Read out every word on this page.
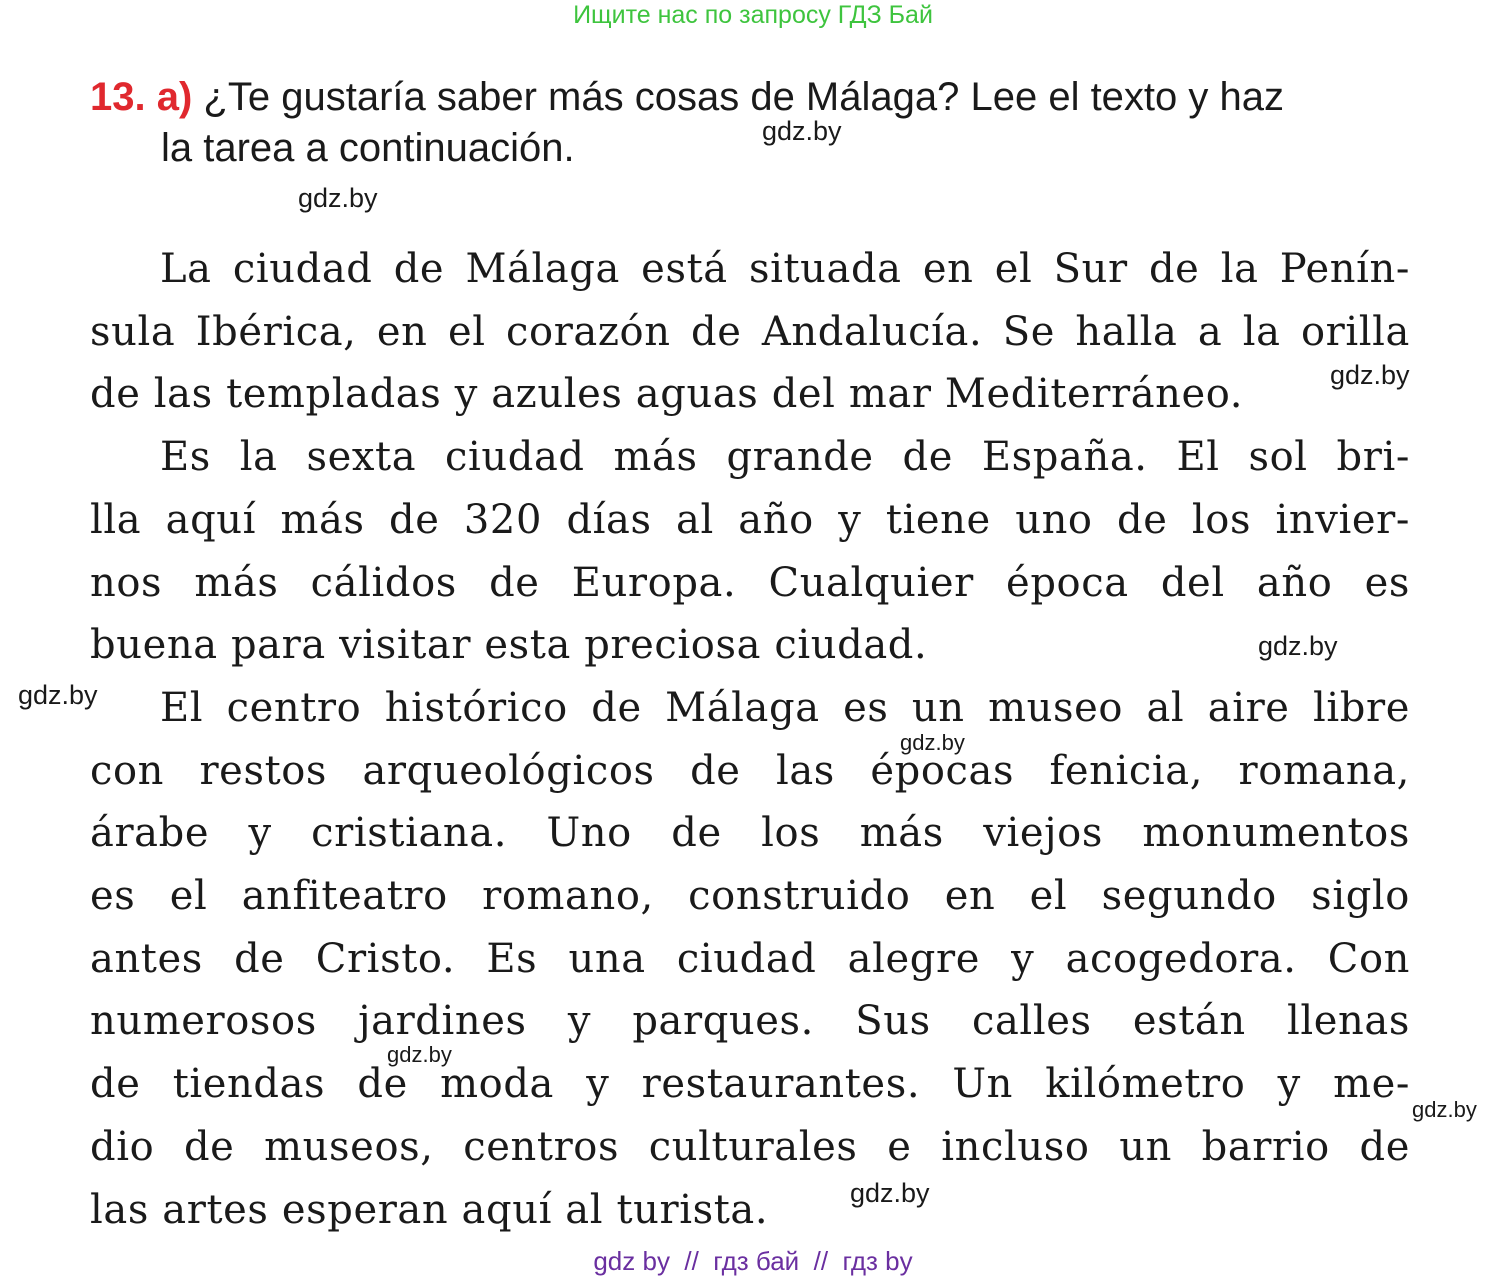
Ищите нас по запросу ГДЗ Бай
13. а) ¿Te gustaría saber más cosas de Málaga? Lee el texto y haz
la tarea a continuación.
La ciudad de Málaga está situada en el Sur de la Penín-
sula Ibérica, en el corazón de Andalucía. Se halla a la orilla
de las templadas y azules aguas del mar Mediterráneo.
Es la sexta ciudad más grande de España. El sol bri-
lla aquí más de 320 días al año y tiene uno de los invier-
nos más cálidos de Europa. Cualquier época del año es
buena para visitar esta preciosa ciudad.
El centro histórico de Málaga es un museo al aire libre
con restos arqueológicos de las épocas fenicia, romana,
árabe y cristiana. Uno de los más viejos monumentos
es el anfiteatro romano, construido en el segundo siglo
antes de Cristo. Es una ciudad alegre y acogedora. Con
numerosos jardines y parques. Sus calles están llenas
de tiendas de moda y restaurantes. Un kilómetro y me-
dio de museos, centros culturales e incluso un barrio de
las artes esperan aquí al turista.
gdz.by
gdz.by
gdz.by
gdz.by
gdz.by
gdz.by
gdz.by
gdz.by
gdz.by
gdz by  //  гдз бай  //  гдз by
